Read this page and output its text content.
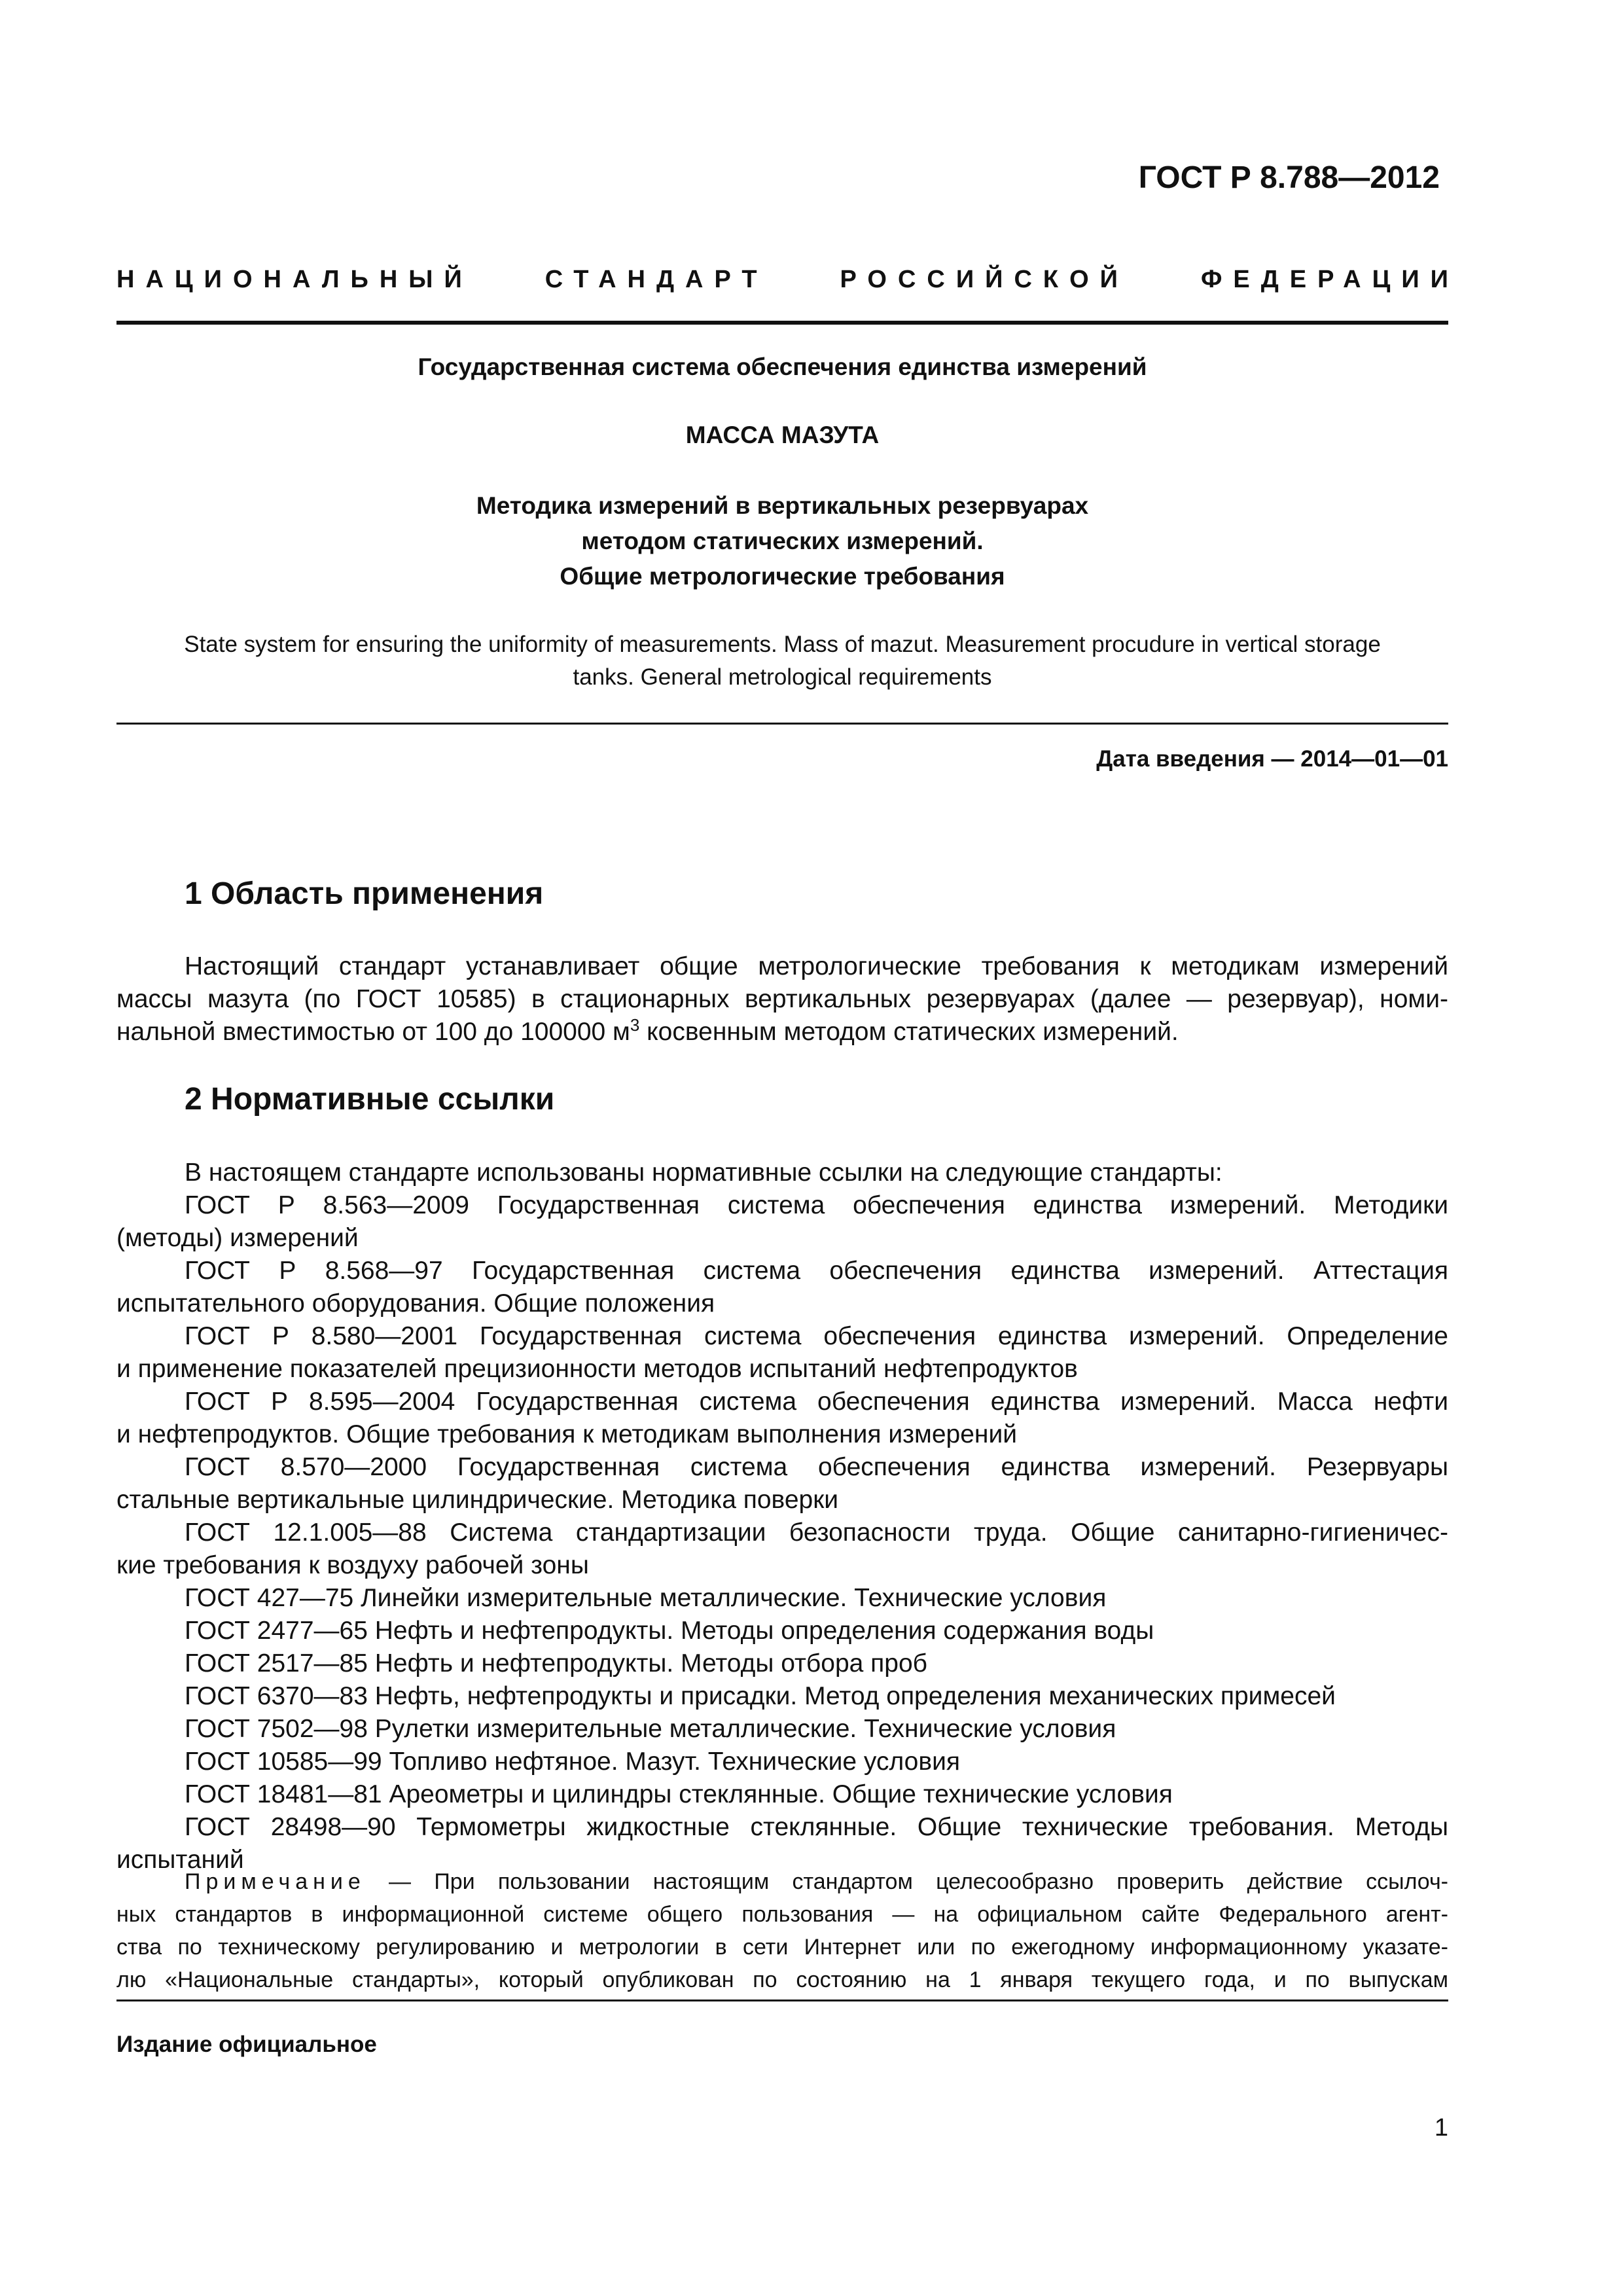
ГОСТ Р 8.788—2012
НАЦИОНАЛЬНЫЙ	СТАНДАРТ	РОССИЙСКОЙ	ФЕДЕРАЦИИ
Государственная система обеспечения единства измерений
МАССА МАЗУТА
Методика измерений в вертикальных резервуарах
методом статических измерений.
Общие метрологические требования
State system for ensuring the uniformity of measurements. Mass of mazut. Measurement procudure in vertical storage
tanks. General metrological requirements
Дата введения — 2014—01—01
1 Область применения
Настоящий стандарт устанавливает общие метрологические требования к методикам измерений
массы мазута (по ГОСТ 10585) в стационарных вертикальных резервуарах (далее — резервуар), номи-
нальной вместимостью от 100 до 100000 $м^3$ косвенным методом статических измерений.
2 Нормативные ссылки
В настоящем стандарте использованы нормативные ссылки на следующие стандарты:
ГОСТ Р 8.563—2009 Государственная система обеспечения единства измерений. Методики
(методы) измерений
ГОСТ Р 8.568—97 Государственная система обеспечения единства измерений. Аттестация
испытательного оборудования. Общие положения
ГОСТ Р 8.580—2001 Государственная система обеспечения единства измерений. Определение
и применение показателей прецизионности методов испытаний нефтепродуктов
ГОСТ Р 8.595—2004 Государственная система обеспечения единства измерений. Масса нефти
и нефтепродуктов. Общие требования к методикам выполнения измерений
ГОСТ 8.570—2000 Государственная система обеспечения единства измерений. Резервуары
стальные вертикальные цилиндрические. Методика поверки
ГОСТ 12.1.005—88 Система стандартизации безопасности труда. Общие санитарно-гигиеничес-
кие требования к воздуху рабочей зоны
ГОСТ 427—75 Линейки измерительные металлические. Технические условия
ГОСТ 2477—65 Нефть и нефтепродукты. Методы определения содержания воды
ГОСТ 2517—85 Нефть и нефтепродукты. Методы отбора проб
ГОСТ 6370—83 Нефть, нефтепродукты и присадки. Метод определения механических примесей
ГОСТ 7502—98 Рулетки измерительные металлические. Технические условия
ГОСТ 10585—99 Топливо нефтяное. Мазут. Технические условия
ГОСТ 18481—81 Ареометры и цилиндры стеклянные. Общие технические условия
ГОСТ 28498—90 Термометры жидкостные стеклянные. Общие технические требования. Методы
испытаний
Примечание — При пользовании настоящим стандартом целесообразно проверить действие ссылоч-
ных стандартов в информационной системе общего пользования — на официальном сайте Федерального агент-
ства по техническому регулированию и метрологии в сети Интернет или по ежегодному информационному указате-
лю «Национальные стандарты», который опубликован по состоянию на 1 января текущего года, и по выпускам
Издание официальное
1
